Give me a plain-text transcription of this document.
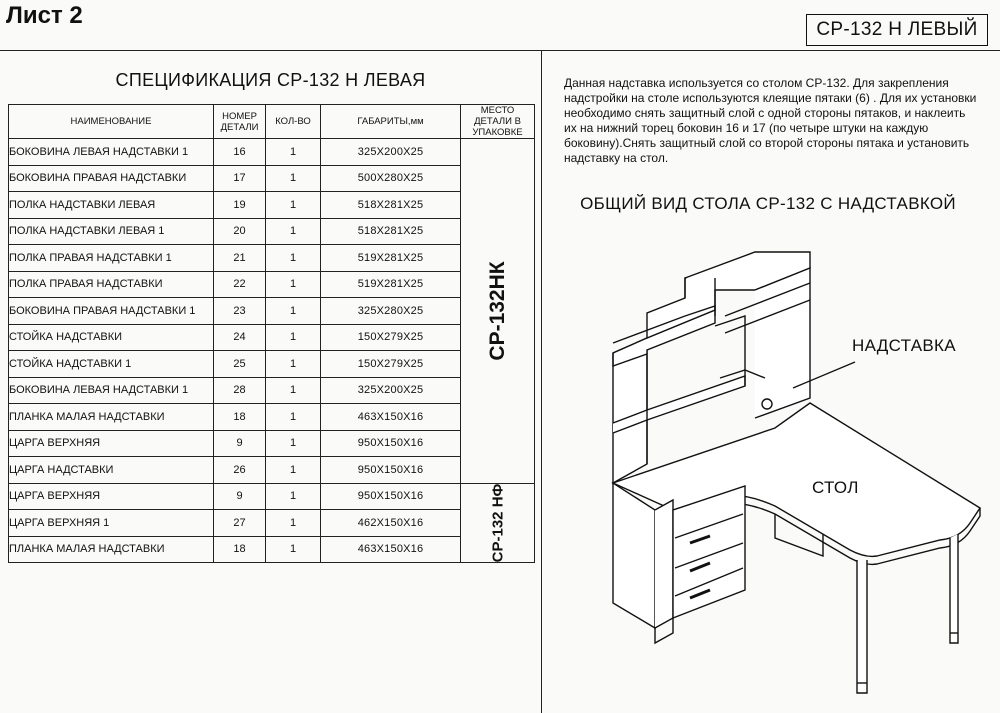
Лист 2
СР-132 Н ЛЕВЫЙ
СПЕЦИФИКАЦИЯ СР-132 Н ЛЕВАЯ
НАИМЕНОВАНИЕ	НОМЕР ДЕТАЛИ	КОЛ-ВО	ГАБАРИТЫ,мм	МЕСТО ДЕТАЛИ В УПАКОВКЕ
БОКОВИНА ЛЕВАЯ НАДСТАВКИ 1	16	1	325Х200Х25	СР-132НК

БОКОВИНА ПРАВАЯ НАДСТАВКИ	17	1	500Х280Х25	
ПОЛКА НАДСТАВКИ ЛЕВАЯ	19	1	518Х281Х25	
ПОЛКА НАДСТАВКИ ЛЕВАЯ 1	20	1	518Х281Х25	
ПОЛКА ПРАВАЯ НАДСТАВКИ 1	21	1	519Х281Х25	
ПОЛКА ПРАВАЯ НАДСТАВКИ	22	1	519Х281Х25	
БОКОВИНА ПРАВАЯ НАДСТАВКИ 1	23	1	325Х280Х25	
СТОЙКА НАДСТАВКИ	24	1	150Х279Х25	
СТОЙКА НАДСТАВКИ 1	25	1	150Х279Х25	
БОКОВИНА ЛЕВАЯ НАДСТАВКИ 1	28	1	325Х200Х25	
ПЛАНКА МАЛАЯ НАДСТАВКИ	18	1	463Х150Х16	
ЦАРГА ВЕРХНЯЯ	9	1	950Х150Х16	
ЦАРГА НАДСТАВКИ	26	1	950Х150Х16	
ЦАРГА ВЕРХНЯЯ	9	1	950Х150Х16	СР-132 НФ

ЦАРГА ВЕРХНЯЯ 1	27	1	462Х150Х16	
ПЛАНКА МАЛАЯ НАДСТАВКИ	18	1	463Х150Х16	
Данная надставка используется со столом СР-132. Для закрепления надстройки на столе используются клеящие пятаки (6) . Для их установки необходимо снять защитный слой с одной стороны пятаков, и наклеить их на нижний торец боковин 16 и 17 (по четыре штуки на каждую боковину).Снять защитный слой со второй стороны пятака и установить надставку на стол.
ОБЩИЙ ВИД СТОЛА СР-132 С НАДСТАВКОЙ
НАДСТАВКА
СТОЛ
